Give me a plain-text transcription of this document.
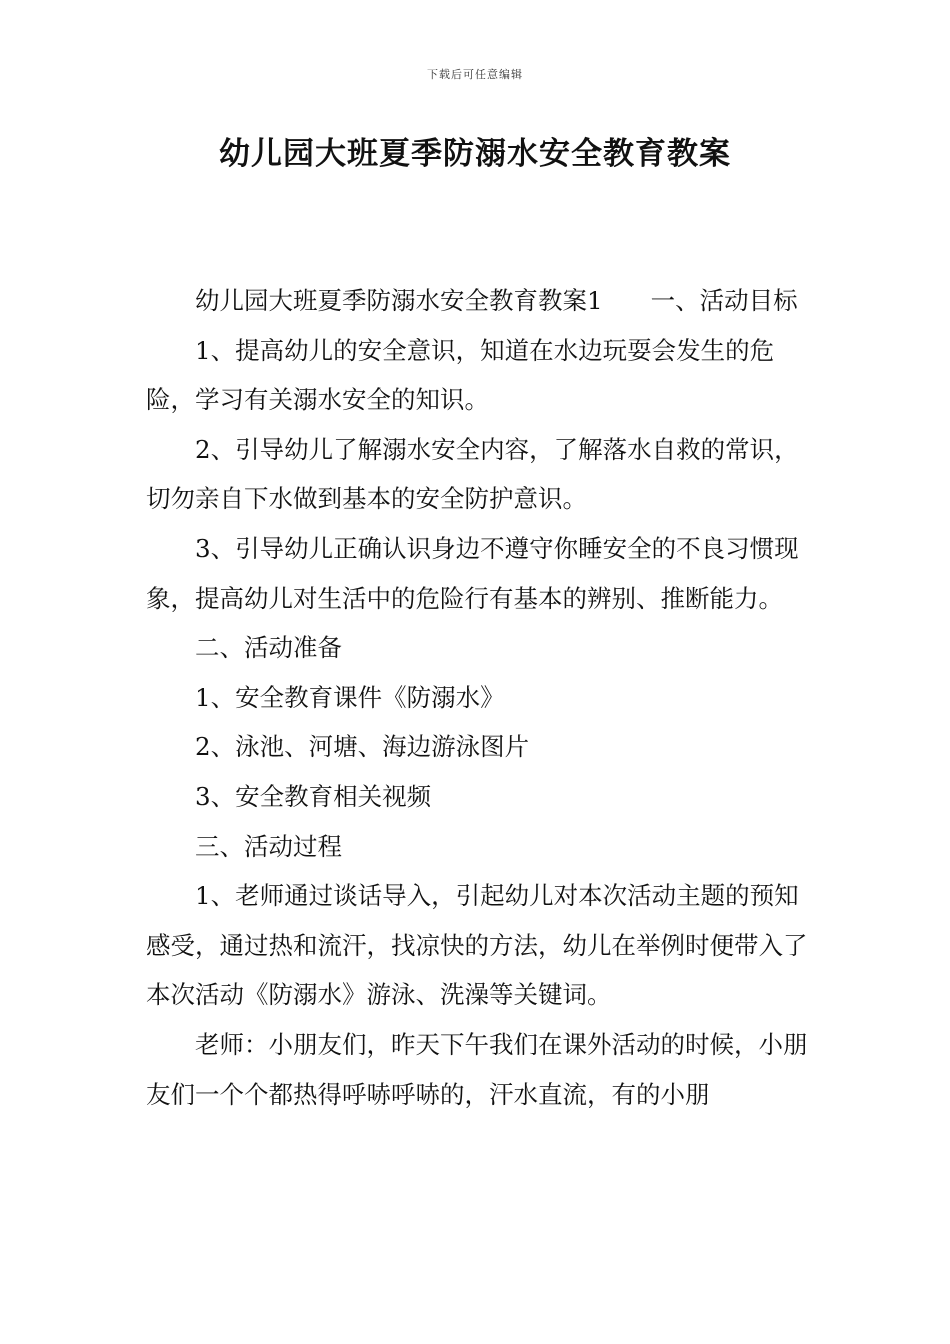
下载后可任意编辑
幼儿园大班夏季防溺水安全教育教案

幼儿园大班夏季防溺水安全教育教案1 一、活动目标

1、提高幼儿的安全意识，知道在水边玩耍会发生的危险，学习有关溺水安全的知识。

2、引导幼儿了解溺水安全内容，了解落水自救的常识，切勿亲自下水做到基本的安全防护意识。

3、引导幼儿正确认识身边不遵守你睡安全的不良习惯现象，提高幼儿对生活中的危险行有基本的辨别、推断能力。

二、活动准备

1、安全教育课件《防溺水》

2、泳池、河塘、海边游泳图片

3、安全教育相关视频

三、活动过程

1、老师通过谈话导入，引起幼儿对本次活动主题的预知感受，通过热和流汗，找凉快的方法，幼儿在举例时便带入了本次活动《防溺水》游泳、洗澡等关键词。

老师：小朋友们，昨天下午我们在课外活动的时候，小朋友们一个个都热得呼哧呼哧的，汗水直流，有的小朋
